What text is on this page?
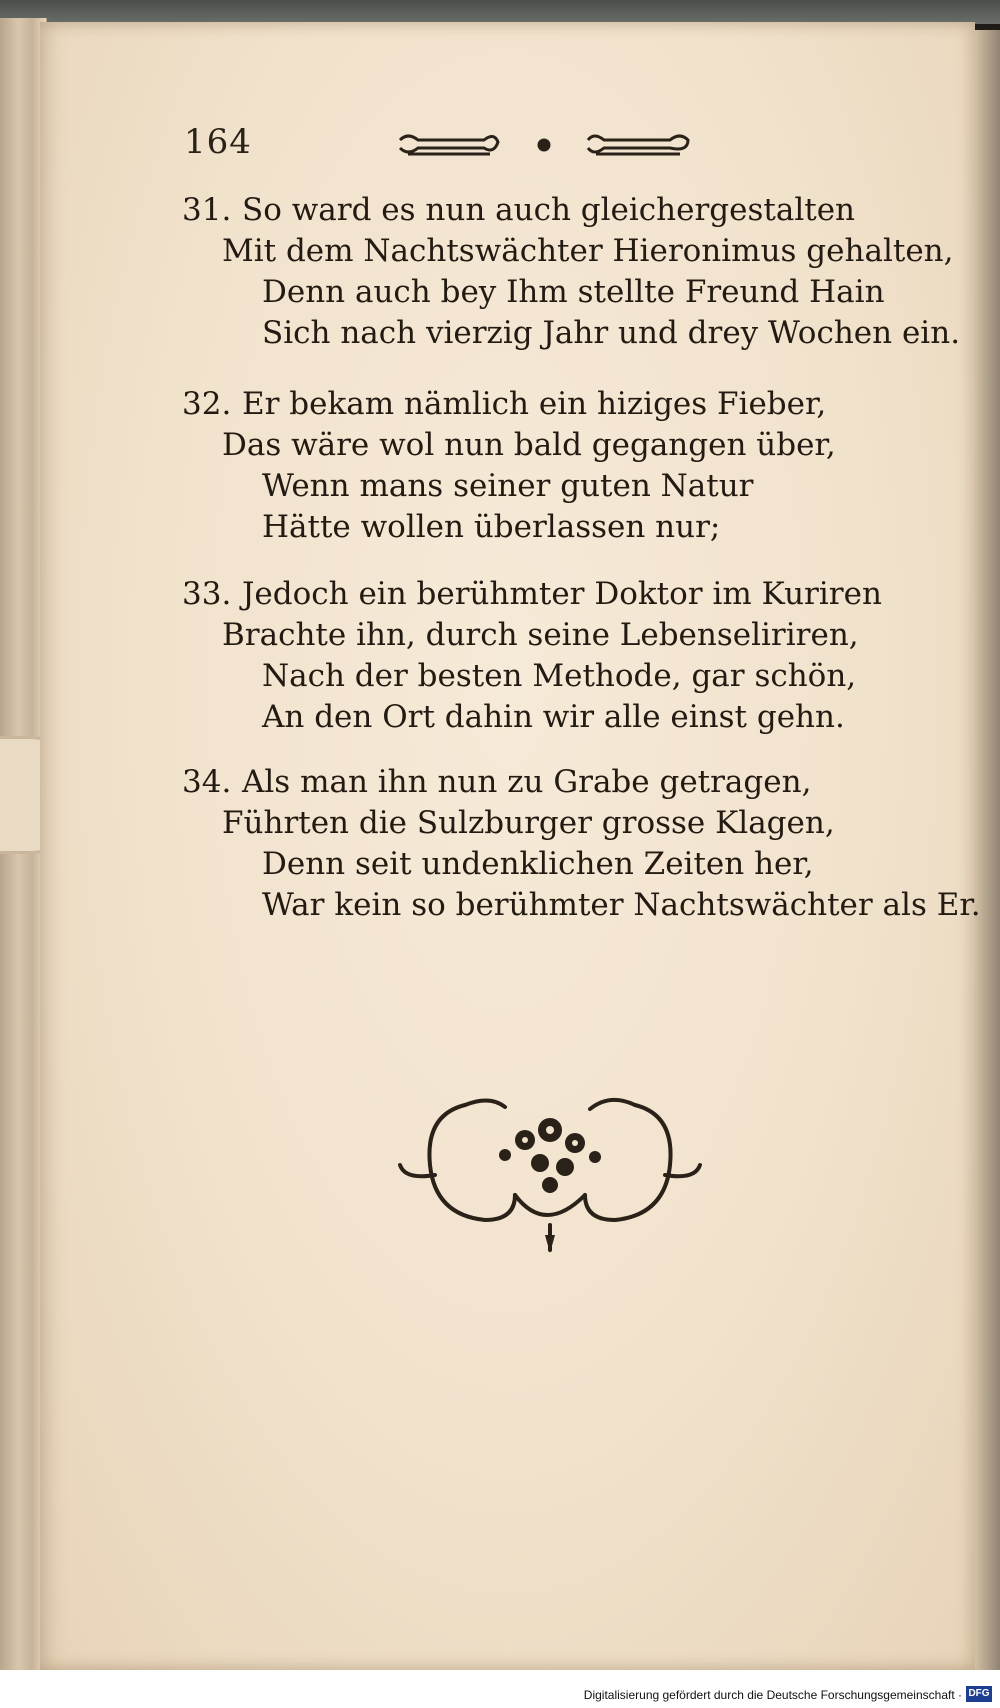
164
31. So ward es nun auch gleichergestalten
Mit dem Nachtswächter Hieronimus gehalten,
Denn auch bey Ihm stellte Freund Hain
Sich nach vierzig Jahr und drey Wochen ein.
32. Er bekam nämlich ein hiziges Fieber,
Das wäre wol nun bald gegangen über,
Wenn mans seiner guten Natur
Hätte wollen überlassen nur;
33. Jedoch ein berühmter Doktor im Kuriren
Brachte ihn, durch seine Lebenseliriren,
Nach der besten Methode, gar schön,
An den Ort dahin wir alle einst gehn.
34. Als man ihn nun zu Grabe getragen,
Führten die Sulzburger grosse Klagen,
Denn seit undenklichen Zeiten her,
War kein so berühmter Nachtswächter als Er.
Digitalisierung gefördert durch die Deutsche Forschungsgemeinschaft · DFG
